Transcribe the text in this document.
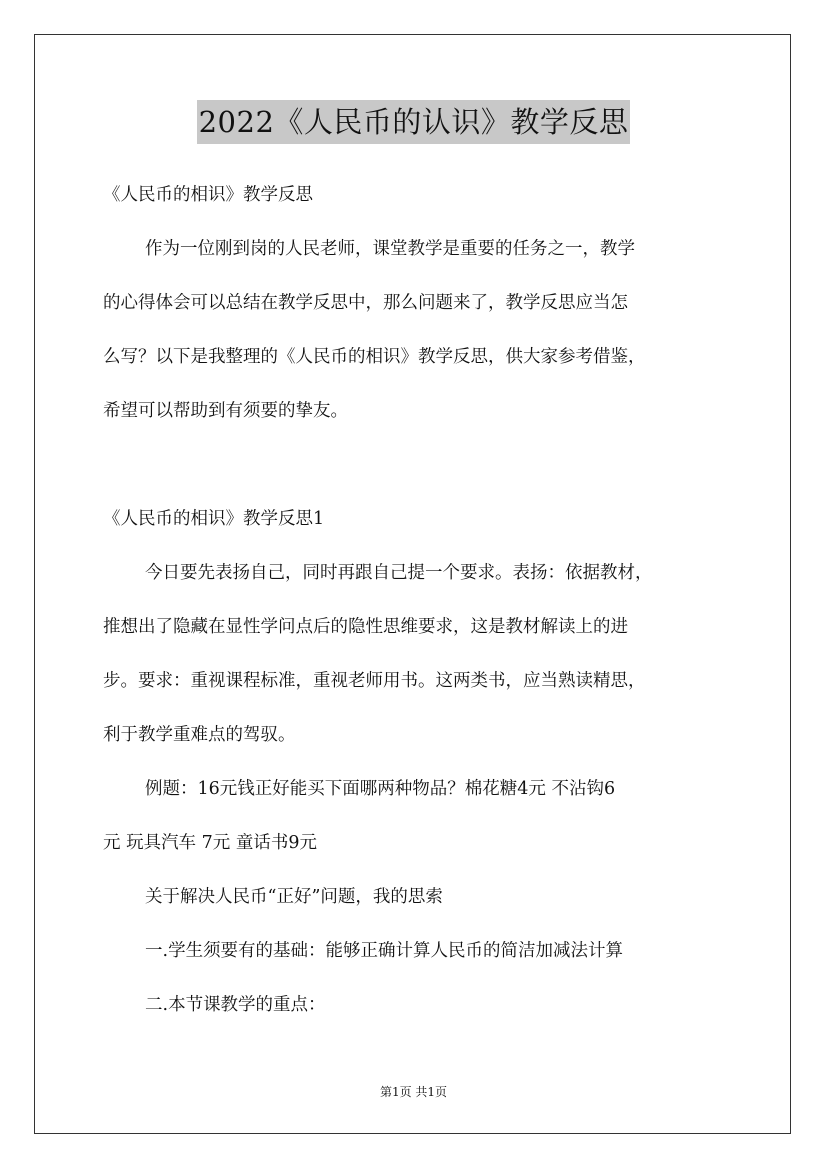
2022《人民币的认识》教学反思
《人民币的相识》教学反思
作为一位刚到岗的人民老师，课堂教学是重要的任务之一，教学
的心得体会可以总结在教学反思中，那么问题来了，教学反思应当怎
么写？以下是我整理的《人民币的相识》教学反思，供大家参考借鉴，
希望可以帮助到有须要的挚友。
《人民币的相识》教学反思1
今日要先表扬自己，同时再跟自己提一个要求。表扬：依据教材，
推想出了隐藏在显性学问点后的隐性思维要求，这是教材解读上的进
步。要求：重视课程标准，重视老师用书。这两类书，应当熟读精思，
利于教学重难点的驾驭。
例题：16元钱正好能买下面哪两种物品？棉花糖4元 不沾钩6
元 玩具汽车 7元 童话书9元
关于解决人民币“正好”问题，我的思索
一.学生须要有的基础：能够正确计算人民币的简洁加减法计算
二.本节课教学的重点：
第1页 共1页
